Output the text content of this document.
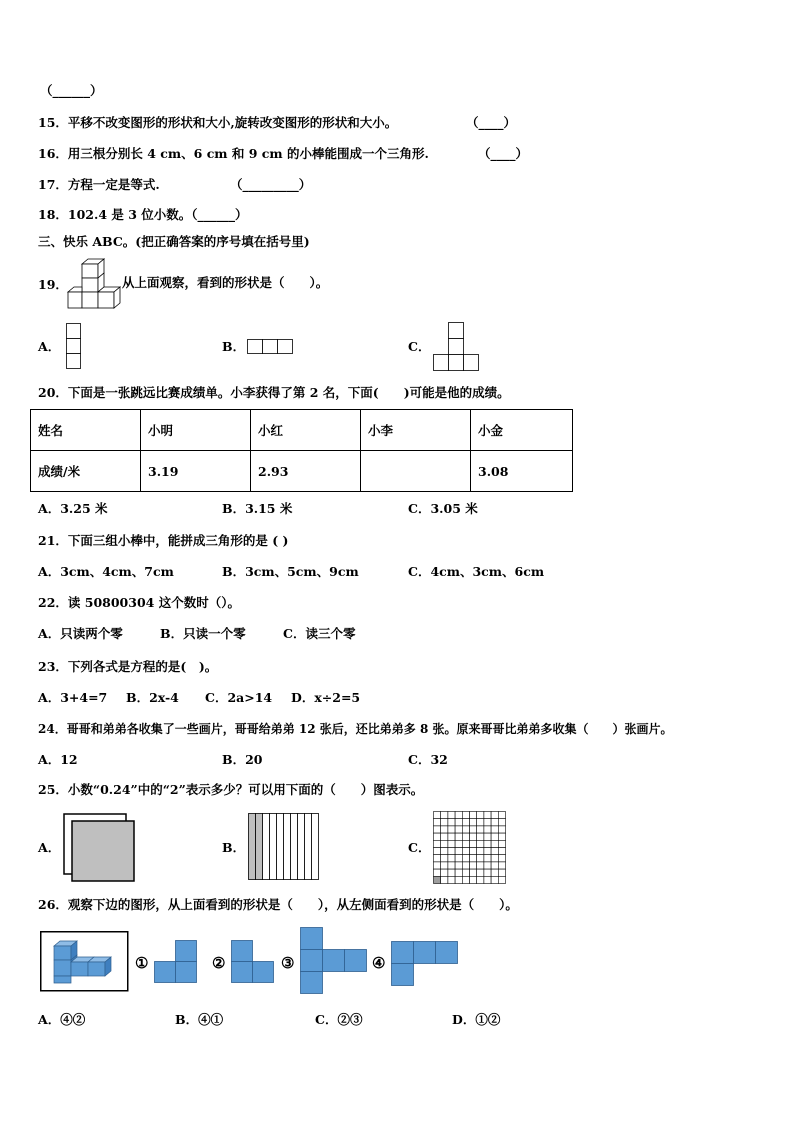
（______）
15．平移不改变图形的形状和大小,旋转改变图形的形状和大小。	（____）
16．用三根分别长 4 cm、6 cm 和 9 cm 的小棒能围成一个三角形.	（____）
17．方程一定是等式.	（_________）
18．102.4 是 3 位小数。（______）
三、快乐 ABC。(把正确答案的序号填在括号里)
19．	从上面观察，看到的形状是（　　）。
A．	B．	C．
20．下面是一张跳远比赛成绩单。小李获得了第 2 名，下面(　　)可能是他的成绩。
姓名	小明	小红	小李	小金
成绩/米	3.19	2.93		3.08
A．3.25 米	B．3.15 米	C．3.05 米
21．下面三组小棒中，能拼成三角形的是 ( )
A．3cm、4cm、7cm	B．3cm、5cm、9cm	C．4cm、3cm、6cm
22．读 50800304 这个数时（）。
A．只读两个零	B．只读一个零	C．读三个零
23．下列各式是方程的是(　)。
A．3+4=7 B．2x-4 C．2a>14 D．x÷2=5
24．哥哥和弟弟各收集了一些画片，哥哥给弟弟 12 张后，还比弟弟多 8 张。原来哥哥比弟弟多收集（　　）张画片。
A．12	B．20	C．32
25．小数“0.24”中的“2”表示多少？可以用下面的（　　）图表示。
A．	B．	C．
26．观察下边的图形，从上面看到的形状是（　　），从左侧面看到的形状是（　　）。
①	②	③	④
A．④②	B．④①	C．②③	D．①②
